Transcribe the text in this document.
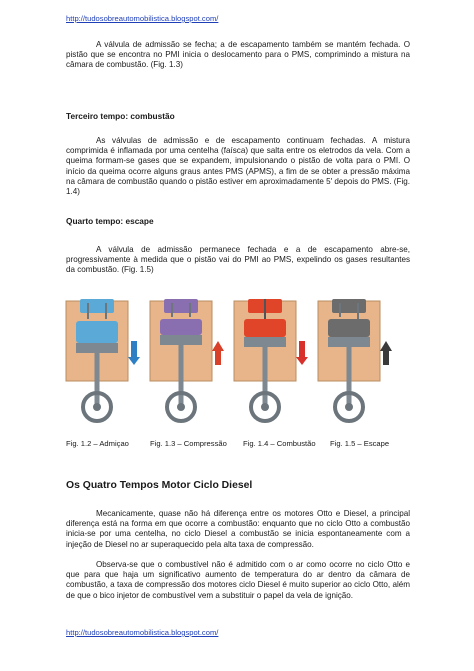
http://tudosobreautomobilistica.blogspot.com/

A válvula de admissão se fecha; a de escapamento também se mantém fechada. O pistão que se encontra no PMI inicia o deslocamento para o PMS, comprimindo a mistura na câmara de combustão. (Fig. 1.3)

Terceiro tempo: combustão

As válvulas de admissão e de escapamento continuam fechadas. A mistura comprimida é inflamada por uma centelha (faísca) que salta entre os eletrodos da vela. Com a queima formam-se gases que se expandem, impulsionando o pistão de volta para o PMI. O início da queima ocorre alguns graus antes PMS (APMS), a fim de se obter a pressão máxima na câmara de combustão quando o pistão estiver em aproximadamente 5' depois do PMS. (Fig. 1.4)

Quarto tempo: escape

A válvula de admissão permanece fechada e a de escapamento abre-se, progressivamente à medida que o pistão vai do PMI ao PMS, expelindo os gases resultantes da combustão. (Fig. 1.5)

Fig. 1.2 – Admiçao	Fig. 1.3 – Compressão Fig. 1.4 – Combustão Fig. 1.5 – Escape

Os Quatro Tempos Motor Ciclo Diesel

Mecanicamente, quase não há diferença entre os motores Otto e Diesel, a principal diferença está na forma em que ocorre a combustão: enquanto que no ciclo Otto a combustão inicia-se por uma centelha, no ciclo Diesel a combustão se inicia espontaneamente com a injeção de Diesel no ar superaquecido pela alta taxa de compressão.

Observa-se que o combustível não é admitido com o ar como ocorre no ciclo Otto e que para que haja um significativo aumento de temperatura do ar dentro da câmara de combustão, a taxa de compressão dos motores ciclo Diesel é muito superior ao ciclo Otto, além de que o bico injetor de combustível vem a substituir o papel da vela de ignição.

http://tudosobreautomobilistica.blogspot.com/
